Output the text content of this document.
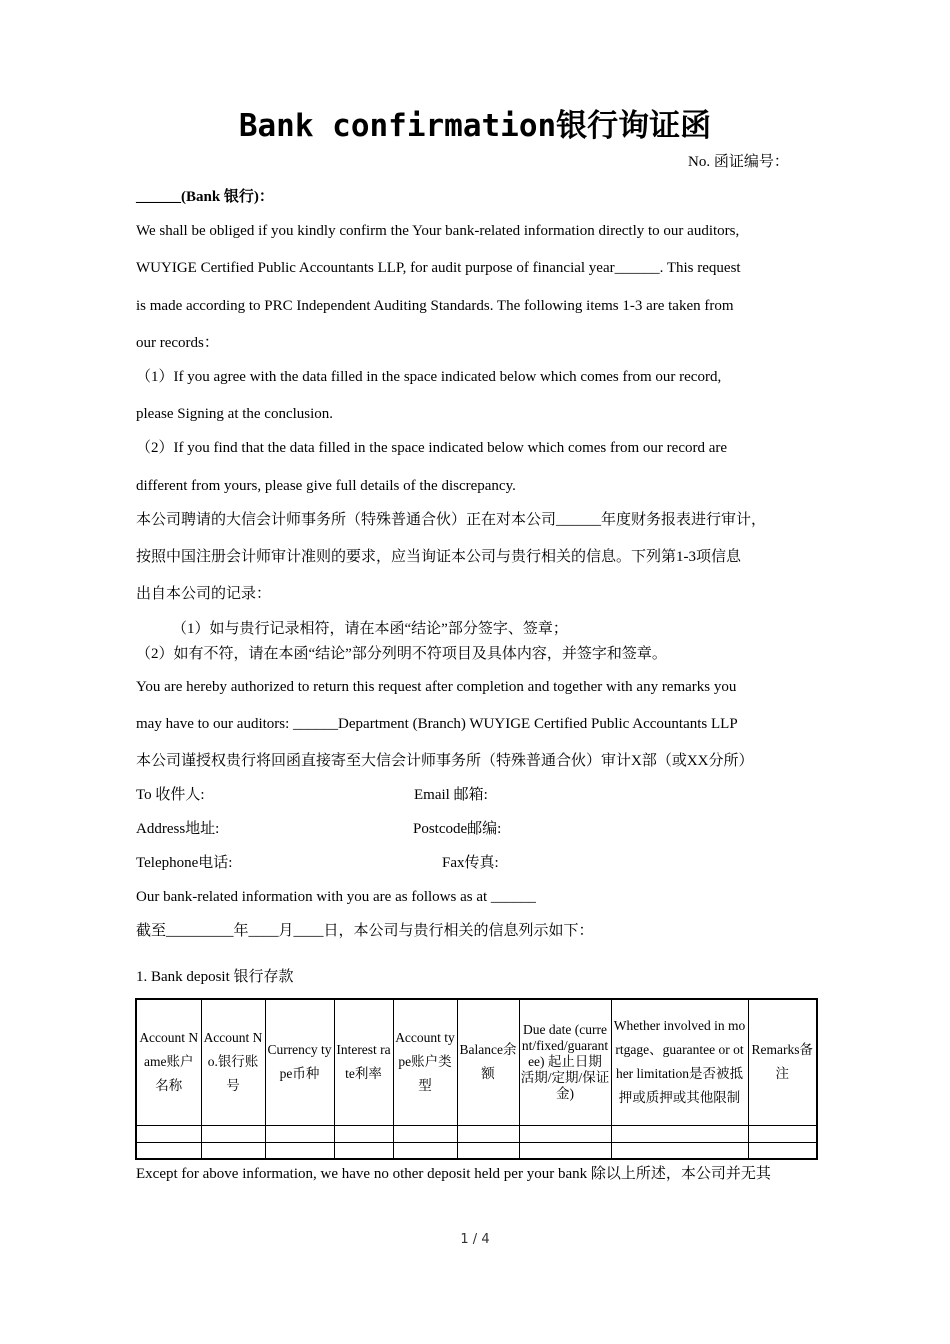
Bank confirmation银行询证函
No. 函证编号：
______(Bank 银行)：
We shall be obliged if you kindly confirm the Your bank-related information directly to our auditors,
WUYIGE Certified Public Accountants LLP, for audit purpose of financial year______. This request
is made according to PRC Independent Auditing Standards. The following items 1-3 are taken from
our records：
（1）If you agree with the data filled in the space indicated below which comes from our record,
please Signing at the conclusion.
（2）If you find that the data filled in the space indicated below which comes from our record are
different from yours, please give full details of the discrepancy.
本公司聘请的大信会计师事务所（特殊普通合伙）正在对本公司______年度财务报表进行审计，
按照中国注册会计师审计准则的要求，应当询证本公司与贵行相关的信息。下列第1-3项信息
出自本公司的记录：
（1）如与贵行记录相符，请在本函“结论”部分签字、签章；
（2）如有不符，请在本函“结论”部分列明不符项目及具体内容，并签字和签章。
You are hereby authorized to return this request after completion and together with any remarks you
may have to our auditors: ______Department (Branch) WUYIGE Certified Public Accountants LLP
本公司谨授权贵行将回函直接寄至大信会计师事务所（特殊普通合伙）审计X部（或XX分所）
To 收件人:	Email 邮箱:
Address地址:	Postcode邮编:
Telephone电话:	Fax传真:
Our bank-related information with you are as follows as at ______
截至_________年____月____日，本公司与贵行相关的信息列示如下：
1. Bank deposit 银行存款
Account Name账户名称	Account No.银行账号	Currency type币种	Interest rate利率	Account type账户类型	Balance余额	Due date (current/fixed/guarantee) 起止日期 活期/定期/保证金)	Whether involved in mortgage、guarantee or other limitation是否被抵押或质押或其他限制	Remarks备注

Except for above information, we have no other deposit held per your bank 除以上所述，本公司并无其
1 / 4
